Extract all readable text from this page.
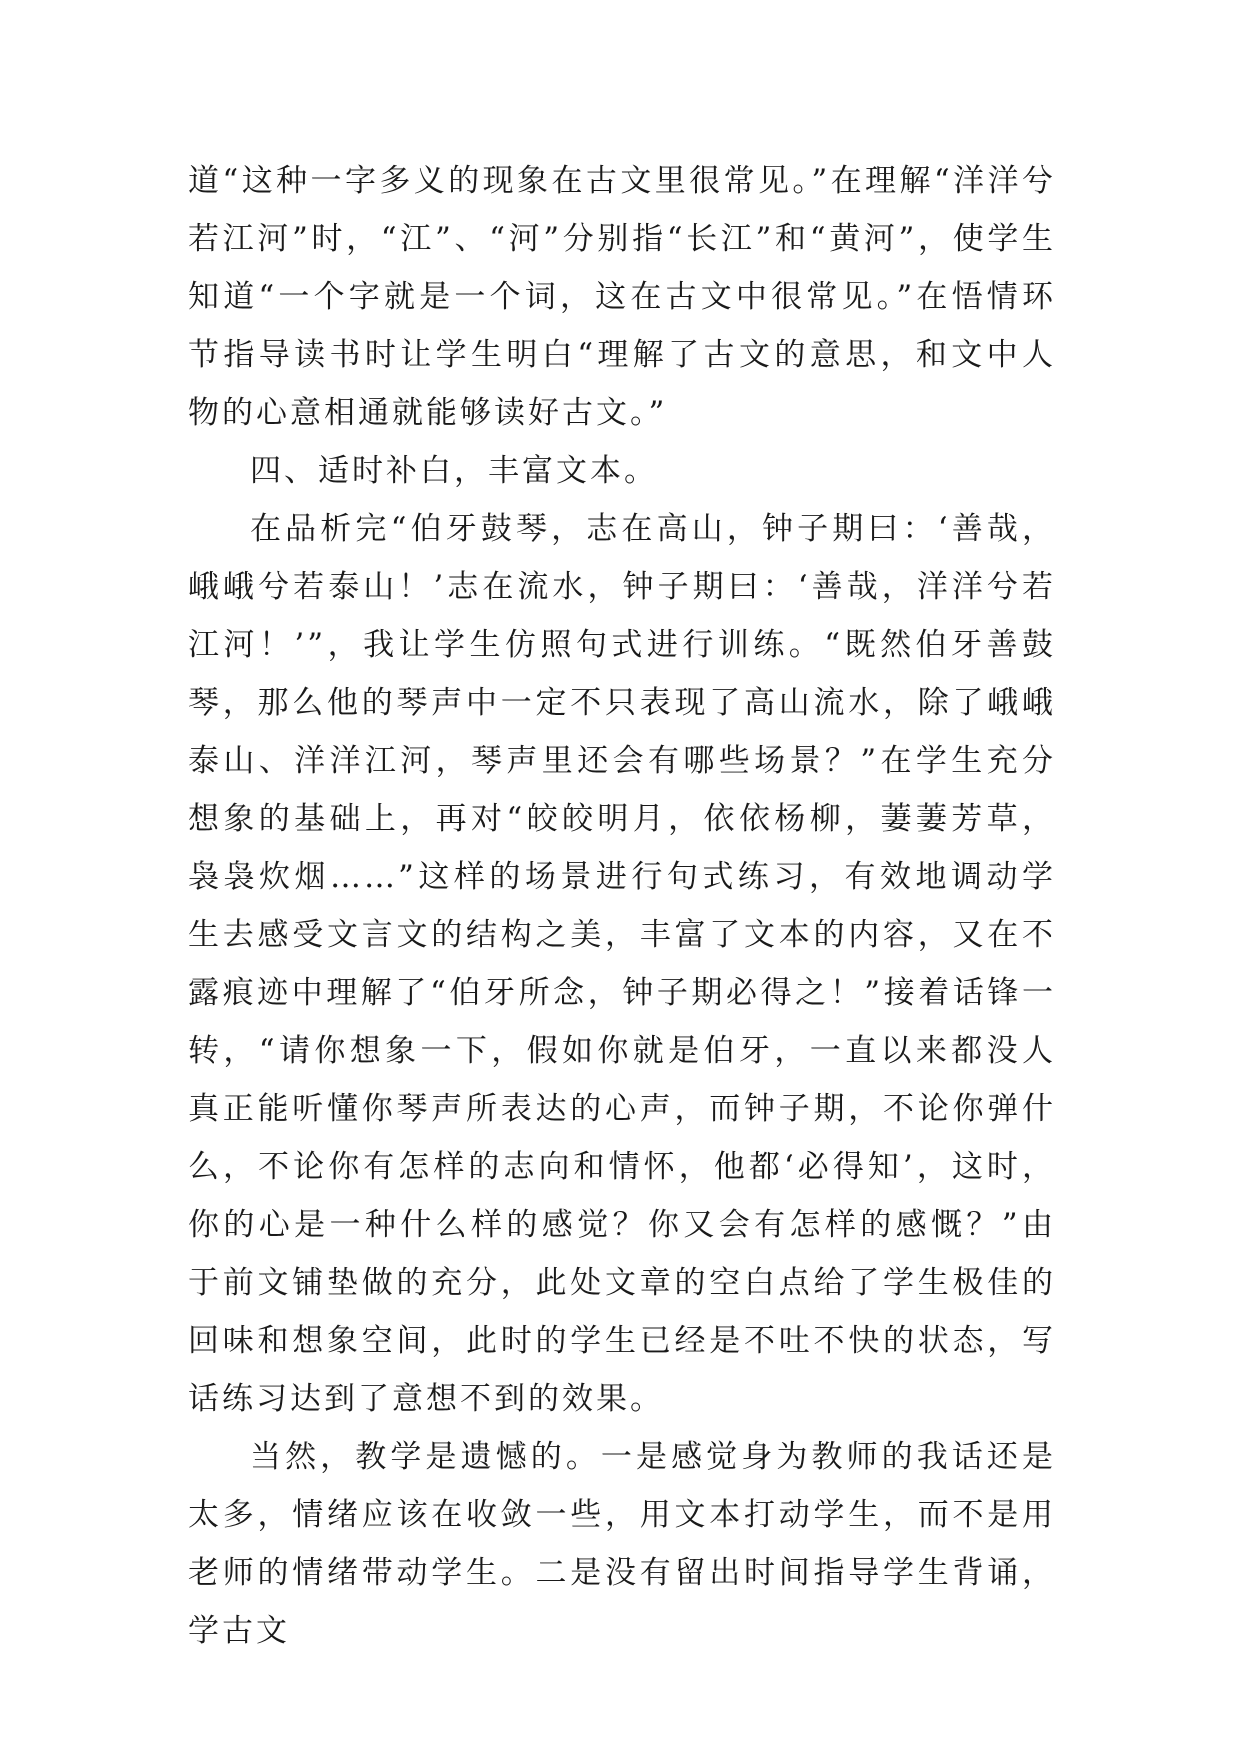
道“这种一字多义的现象在古文里很常见。”在理解“洋洋兮若江河”时，“江”、“河”分别指“长江”和“黄河”，使学生知道“一个字就是一个词，这在古文中很常见。”在悟情环节指导读书时让学生明白“理解了古文的意思，和文中人物的心意相通就能够读好古文。”

四、适时补白，丰富文本。

在品析完“伯牙鼓琴，志在高山，钟子期曰：‘善哉，峨峨兮若泰山！’志在流水，钟子期曰：‘善哉，洋洋兮若江河！’”，我让学生仿照句式进行训练。“既然伯牙善鼓琴，那么他的琴声中一定不只表现了高山流水，除了峨峨泰山、洋洋江河，琴声里还会有哪些场景？”在学生充分想象的基础上，再对“皎皎明月，依依杨柳，萋萋芳草，袅袅炊烟……”这样的场景进行句式练习，有效地调动学生去感受文言文的结构之美，丰富了文本的内容，又在不露痕迹中理解了“伯牙所念，钟子期必得之！”接着话锋一转，“请你想象一下，假如你就是伯牙，一直以来都没人真正能听懂你琴声所表达的心声，而钟子期，不论你弹什么，不论你有怎样的志向和情怀，他都‘必得知’，这时，你的心是一种什么样的感觉？你又会有怎样的感慨？”由于前文铺垫做的充分，此处文章的空白点给了学生极佳的回味和想象空间，此时的学生已经是不吐不快的状态，写话练习达到了意想不到的效果。

当然，教学是遗憾的。一是感觉身为教师的我话还是太多，情绪应该在收敛一些，用文本打动学生，而不是用老师的情绪带动学生。二是没有留出时间指导学生背诵，学古文
